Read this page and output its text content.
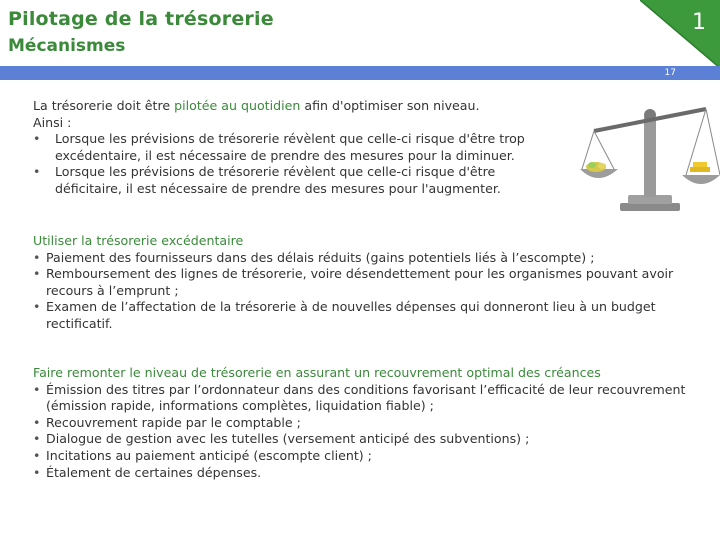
Pilotage de la trésorerie
Mécanismes
1
17

La trésorerie doit être pilotée au quotidien afin d'optimiser son niveau.

Ainsi :

• Lorsque les prévisions de trésorerie révèlent que celle-ci risque d'être trop excédentaire, il est nécessaire de prendre des mesures pour la diminuer.
• Lorsque les prévisions de trésorerie révèlent que celle-ci risque d'être déficitaire, il est nécessaire de prendre des mesures pour l'augmenter.

Utiliser la trésorerie excédentaire

• Paiement des fournisseurs dans des délais réduits (gains potentiels liés à l’escompte) ;
• Remboursement des lignes de trésorerie, voire désendettement pour les organismes pouvant avoir recours à l’emprunt ;
• Examen de l’affectation de la trésorerie à de nouvelles dépenses qui donneront lieu à un budget rectificatif.

Faire remonter le niveau de trésorerie en assurant un recouvrement optimal des créances

• Émission des titres par l’ordonnateur dans des conditions favorisant l’efficacité de leur recouvrement (émission rapide, informations complètes, liquidation fiable) ;
• Recouvrement rapide par le comptable ;
• Dialogue de gestion avec les tutelles (versement anticipé des subventions) ;
• Incitations au paiement anticipé (escompte client) ;
• Étalement de certaines dépenses.
